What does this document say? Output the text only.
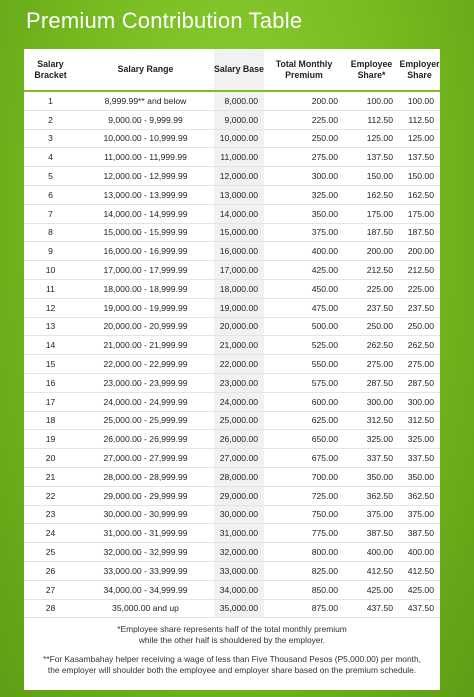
Premium Contribution Table
Salary Bracket	Salary Range	Salary Base	Total Monthly Premium	Employee Share*	Employer Share
1	8,999.99** and below	8,000.00	200.00	100.00	100.00
2	9,000.00 - 9,999.99	9,000.00	225.00	112.50	112.50
3	10,000.00 - 10,999.99	10,000.00	250.00	125.00	125.00
4	11,000.00 - 11,999.99	11,000.00	275.00	137.50	137.50
5	12,000.00 - 12,999.99	12,000.00	300.00	150.00	150.00
6	13,000.00 - 13,999.99	13,000.00	325.00	162.50	162.50
7	14,000.00 - 14,999.99	14,000.00	350.00	175.00	175.00
8	15,000.00 - 15,999.99	15,000.00	375.00	187.50	187.50
9	16,000.00 - 16,999.99	16,000.00	400.00	200.00	200.00
10	17,000.00 - 17,999.99	17,000.00	425.00	212.50	212.50
11	18,000.00 - 18,999.99	18,000.00	450.00	225.00	225.00
12	19,000.00 - 19,999.99	19,000.00	475.00	237.50	237.50
13	20,000.00 - 20,999.99	20,000.00	500.00	250.00	250.00
14	21,000.00 - 21,999.99	21,000.00	525.00	262.50	262.50
15	22,000.00 - 22,999.99	22,000.00	550.00	275.00	275.00
16	23,000.00 - 23,999.99	23,000.00	575.00	287.50	287.50
17	24,000.00 - 24,999.99	24,000.00	600.00	300.00	300.00
18	25,000.00 - 25,999.99	25,000.00	625.00	312.50	312.50
19	26,000.00 - 26,999.99	26,000.00	650.00	325.00	325.00
20	27,000.00 - 27,999.99	27,000.00	675.00	337.50	337.50
21	28,000.00 - 28,999.99	28,000.00	700.00	350.00	350.00
22	29,000.00 - 29,999.99	29,000.00	725.00	362.50	362.50
23	30,000.00 - 30,999.99	30,000.00	750.00	375.00	375.00
24	31,000.00 - 31,999.99	31,000.00	775.00	387.50	387.50
25	32,000.00 - 32,999.99	32,000.00	800.00	400.00	400.00
26	33,000.00 - 33,999.99	33,000.00	825.00	412.50	412.50
27	34,000.00 - 34,999.99	34,000.00	850.00	425.00	425.00
28	35,000.00 and up	35,000.00	875.00	437.50	437.50

*Employee share represents half of the total monthly premium
while the other half is shouldered by the employer.

**For Kasambahay helper receiving a wage of less than Five Thousand Pesos (P5,000.00) per month,
the employer will shoulder both the employee and employer share based on the premium schedule.
